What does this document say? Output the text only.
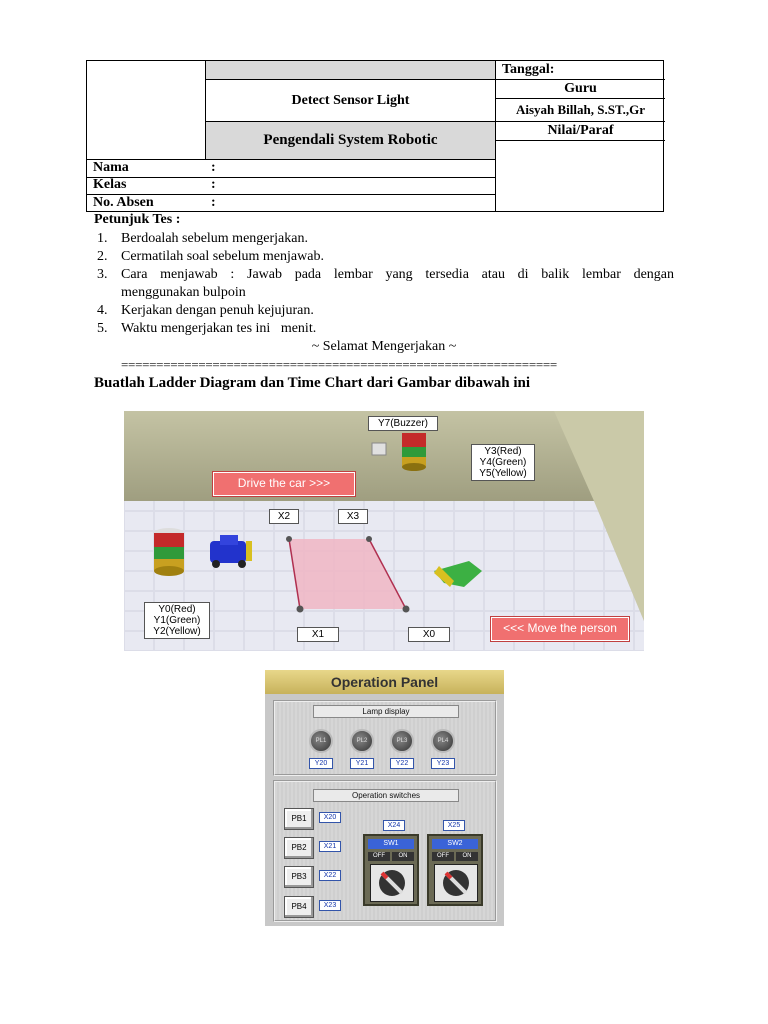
Detect Sensor Light
Pengendali System Robotic
Tanggal:
Guru
Aisyah Billah, S.ST.,Gr
Nilai/Paraf
Nama	:
Kelas	:
No. Absen	:
Petunjuk Tes :
1. Berdoalah sebelum mengerjakan.
2. Cermatilah soal sebelum menjawab.
3. Cara menjawab : Jawab pada lembar yang tersedia atau di balik lembar dengan
menggunakan bulpoin
4. Kerjakan dengan penuh kejujuran.
5. Waktu mengerjakan tes ini   menit.
~ Selamat Mengerjakan ~
==============================================================
Buatlah Ladder Diagram dan Time Chart dari Gambar dibawah ini
Y7(Buzzer)
Y3(Red)
Y4(Green)
Y5(Yellow)
Y0(Red)
Y1(Green)
Y2(Yellow)
Drive the car >>>
<<< Move the person
X2	X3
X1	X0
Operation Panel
Lamp display
PL1	PL2	PL3	PL4
Y20	Y21	Y22	Y23
Operation switches
PB1	X20
PB2	X21
PB3	X22
PB4	X23
X24
SW1
OFF	ON
X25
SW2
OFF	ON
